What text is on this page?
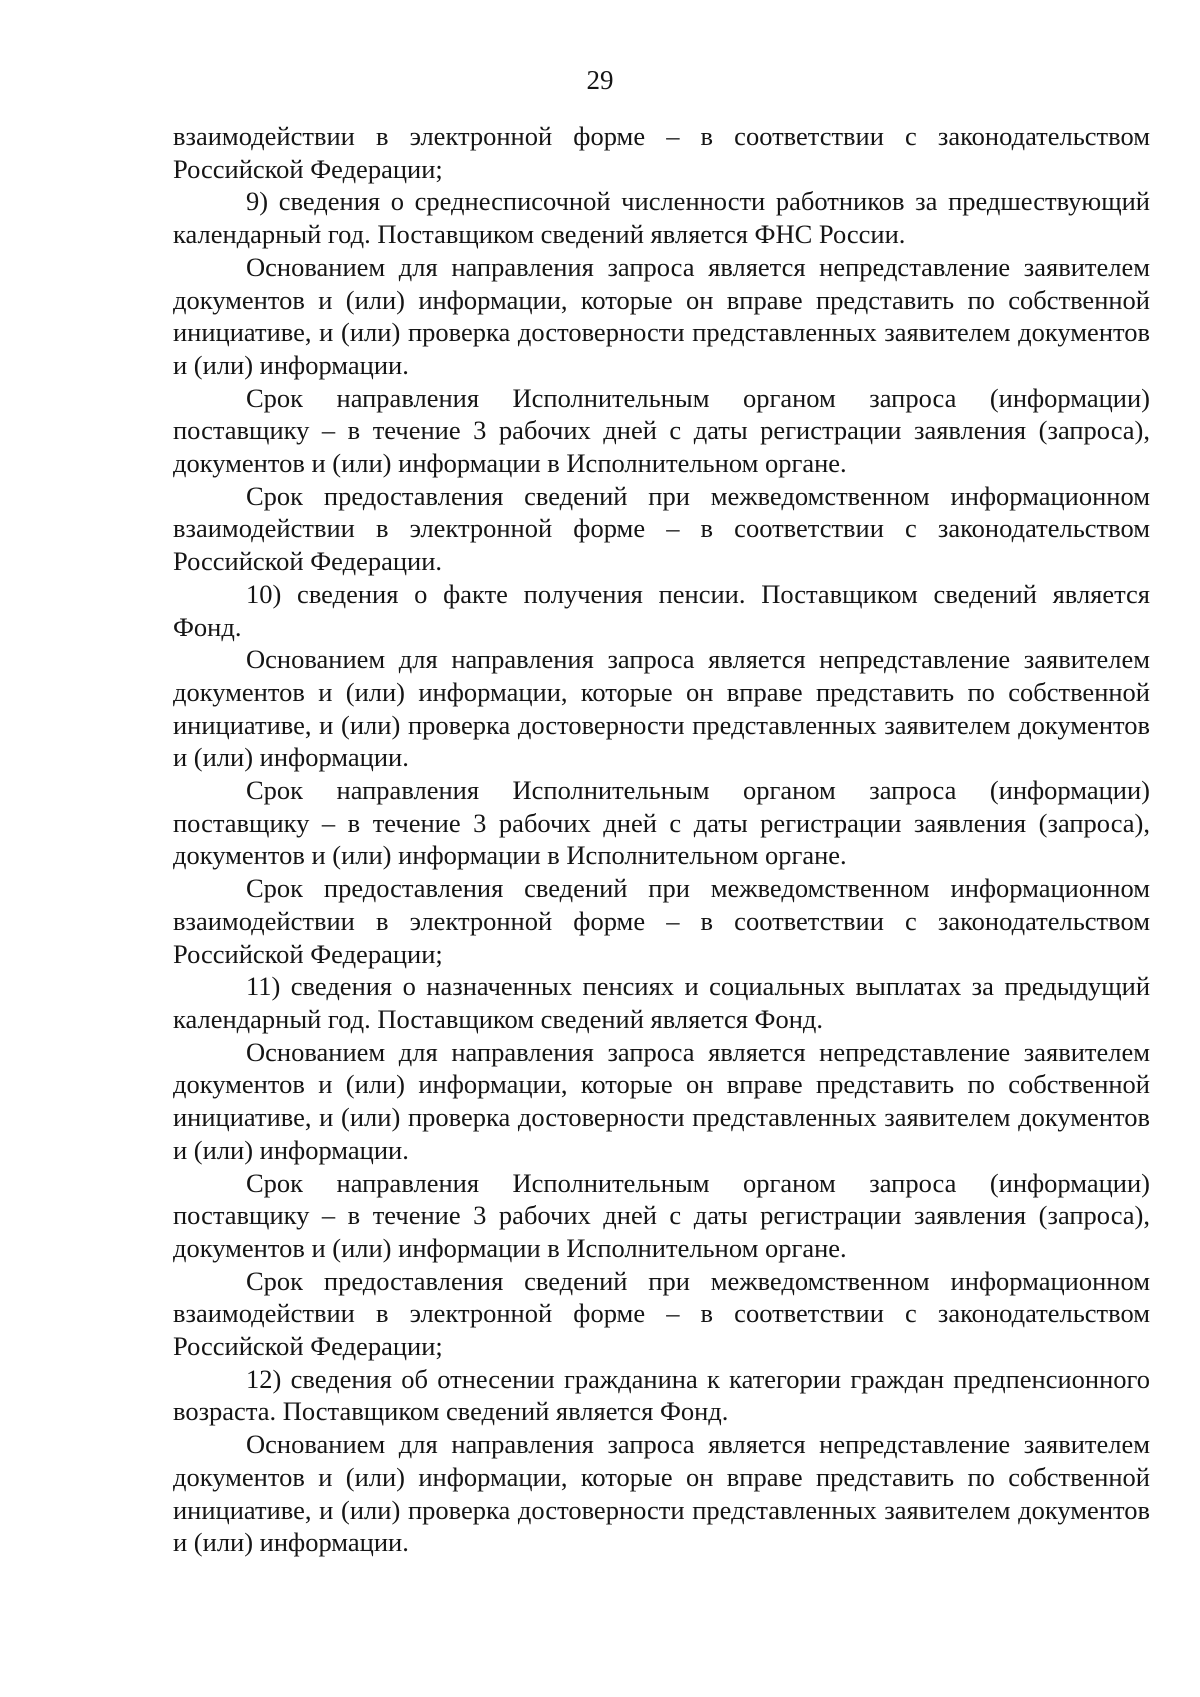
29

взаимодействии в электронной форме – в соответствии с законодательством Российской Федерации;

9) сведения о среднесписочной численности работников за предшествующий календарный год. Поставщиком сведений является ФНС России.

Основанием для направления запроса является непредставление заявителем документов и (или) информации, которые он вправе представить по собственной инициативе, и (или) проверка достоверности представленных заявителем документов и (или) информации.

Срок направления Исполнительным органом запроса (информации) поставщику – в течение 3 рабочих дней с даты регистрации заявления (запроса), документов и (или) информации в Исполнительном органе.

Срок предоставления сведений при межведомственном информационном взаимодействии в электронной форме – в соответствии с законодательством Российской Федерации.

10) сведения о факте получения пенсии. Поставщиком сведений является Фонд.

Основанием для направления запроса является непредставление заявителем документов и (или) информации, которые он вправе представить по собственной инициативе, и (или) проверка достоверности представленных заявителем документов и (или) информации.

Срок направления Исполнительным органом запроса (информации) поставщику – в течение 3 рабочих дней с даты регистрации заявления (запроса), документов и (или) информации в Исполнительном органе.

Срок предоставления сведений при межведомственном информационном взаимодействии в электронной форме – в соответствии с законодательством Российской Федерации;

11) сведения о назначенных пенсиях и социальных выплатах за предыдущий календарный год. Поставщиком сведений является Фонд.

Основанием для направления запроса является непредставление заявителем документов и (или) информации, которые он вправе представить по собственной инициативе, и (или) проверка достоверности представленных заявителем документов и (или) информации.

Срок направления Исполнительным органом запроса (информации) поставщику – в течение 3 рабочих дней с даты регистрации заявления (запроса), документов и (или) информации в Исполнительном органе.

Срок предоставления сведений при межведомственном информационном взаимодействии в электронной форме – в соответствии с законодательством Российской Федерации;

12) сведения об отнесении гражданина к категории граждан предпенсионного возраста. Поставщиком сведений является Фонд.

Основанием для направления запроса является непредставление заявителем документов и (или) информации, которые он вправе представить по собственной инициативе, и (или) проверка достоверности представленных заявителем документов и (или) информации.
